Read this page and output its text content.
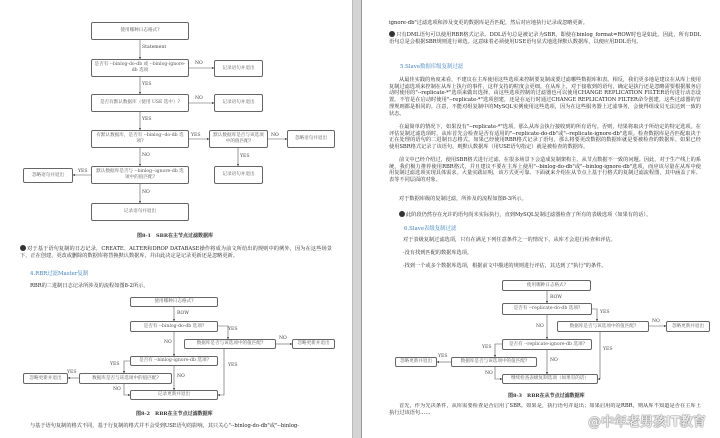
使用哪种日志格式?
是否有 --binlog-do-db 或 --binlog-ignore-db 选项	记录语句并退出
是否有默认数据库（使用 USE 选中）?	记录语句并退出
有默认数据库，是否有 --binlog--do-db 选项?
默认数据库是否与该选项中的值匹配?
忽略语句并退出
记录语句并退出
默认数据库是否与 --binlog--ignore-db 选项中的值匹配?
忽略语句并退出
记录语句并退出
Statement
NO
YES
NO
YES
YES	NO
YES
NO
YES
NO
图8-1　SBR在主节点过滤数据库
对于基于语句复制的日志记录，CREATE、ALTER和DROP DATABASE操作将成为前文所给出的规则中的例外，因为在这些场景下，正在创建、更改或删除的数据库将替换默认数据库，并由此决定是记录更新还是忽略更新。
4.RBR过滤Master复制
RBR的二进制日志记录所涉及的流程如图8-2所示。
使用哪种日志格式?
是否有 --binlog-do-db 选项?
数据库是否与该选项中的值匹配?	忽略更新并退出
是否有 --binlog-ignore-db 选项?
数据库是否与该选项中的值匹配?
忽略更新并退出
记录更新并退出
ROW
YES
NO
NO
YES
YES
YES
NO
NO
图8-2　RBR在主节点过滤数据库
与基于语句复制的格式不同，基于行复制的格式并不会受到USE语句的影响，其只关心"--binlog-do-db"或"--binlog-
ignore-db"过滤选项和涉及变更的数据库是否匹配，然后对应地执行记录或忽略更新。
只有DML语句可以使用RBR格式记录。DDL语句总是被记录为SBR，即使在binlog_format=ROW时也是如此。因此，所有DDL语句总是会根据SBR规则进行筛选。这意味着必须使用USE语句显式地选择默认数据库，以便应用DDL语句。
5.Slave数据库级复制过滤
从最佳实践的角度来看，不建议在主库使用这些选项来控制要复制或要过滤哪些数据库和表。相反，我们更多地是建议在从库上使用复制过滤选项来控制在从库上执行的事件，这样支持的粒度会更细。在从库上，对于接收到的语句，确定是执行还是忽略需要根据服务启动时使用的"--replicate-*"选项来做出选择，由这些选项控制的过滤器也可以使用CHANGE REPLICATION FILTER语句进行动态设置。不管是在启动时使用"--replicate-*"选项创建，还是在运行时通过CHANGE REPLICATION FILTER命令创建，这些过滤器的管理规则都是相同的。注意，不能对组复制中的MySQL实例使用这些选项，因为在这些服务器上过滤事务，会使得组成员无法达到一致的状态。
在最简单的情况下，如果没有"--replicate-*"选项，那么从库会执行接收到的所有语句。否则，结果将取决于所给定的特定选项。在评估复制过滤选项时，从库首先会检查是否有适用的"--replicate-do-db"或"--replicate-ignore-db"选项。检查数据库是否匹配取决于正在处理的语句的二进制日志格式。如果已经使用RBR格式记录了语句，那么将要更改数据的数据库就是要被检查的数据库。如果已经使用SBR格式记录了该语句，则默认数据库（用USE语句指定）就是被检查的数据库。
前文中已经介绍过，使用SBR格式进行过滤，在很多场景下会造成复制架构主、从节点数据不一致的问题。因此，对于生产线上的系统，我们极力推荐使用RBR格式，并且建议不要在主库上使用"--binlog-do-db"或"--binlog-ignore-db"选项，而应该尽量在从库中使用复制过滤选项实现具体需求。大量实践证明，该方式更可靠。下面就来介绍在从节点上基于行格式的复制过滤流程图，其中涵盖了库、表等不同层面的对象。
对于数据库级的复制过滤，所涉及的流程如图8-3所示。
此阶段仍然存在允许的语句尚未实际执行，直到MySQL复制过滤器检查了所有的表级选项（如果有的话）。
6.Slave表级复制过滤
对于表级复制过滤选项，只有在满足下列任意条件之一的情况下，从库才会进行检查和评估。
·没有找到匹配的数据库选项。
·找到一个或多个数据库选项，根据前文中描述的规则进行评估，其达到了"执行"的条件。
使用哪种日志格式?
是否有 --replicate-do-db 选项?
数据库是否与该选项中的值匹配?	忽略更新并退出
是否有 --replicate-ignore-db 选项?
数据库是否与该选项中的值匹配?
忽略更新并退出
继续检查表级复制选项（如果有的话）
ROW
YES
NO
NO
YES
YES
YES
NO
NO
图8-3　RBR在从节点过滤数据库
首先，作为先决条件，从库需要检查是否启用了SBR。如果是，执行语句并退出；如果启用的是RBR，则从库不知道是否在主库上执行过该语句……
@中年老男孩IT教育
